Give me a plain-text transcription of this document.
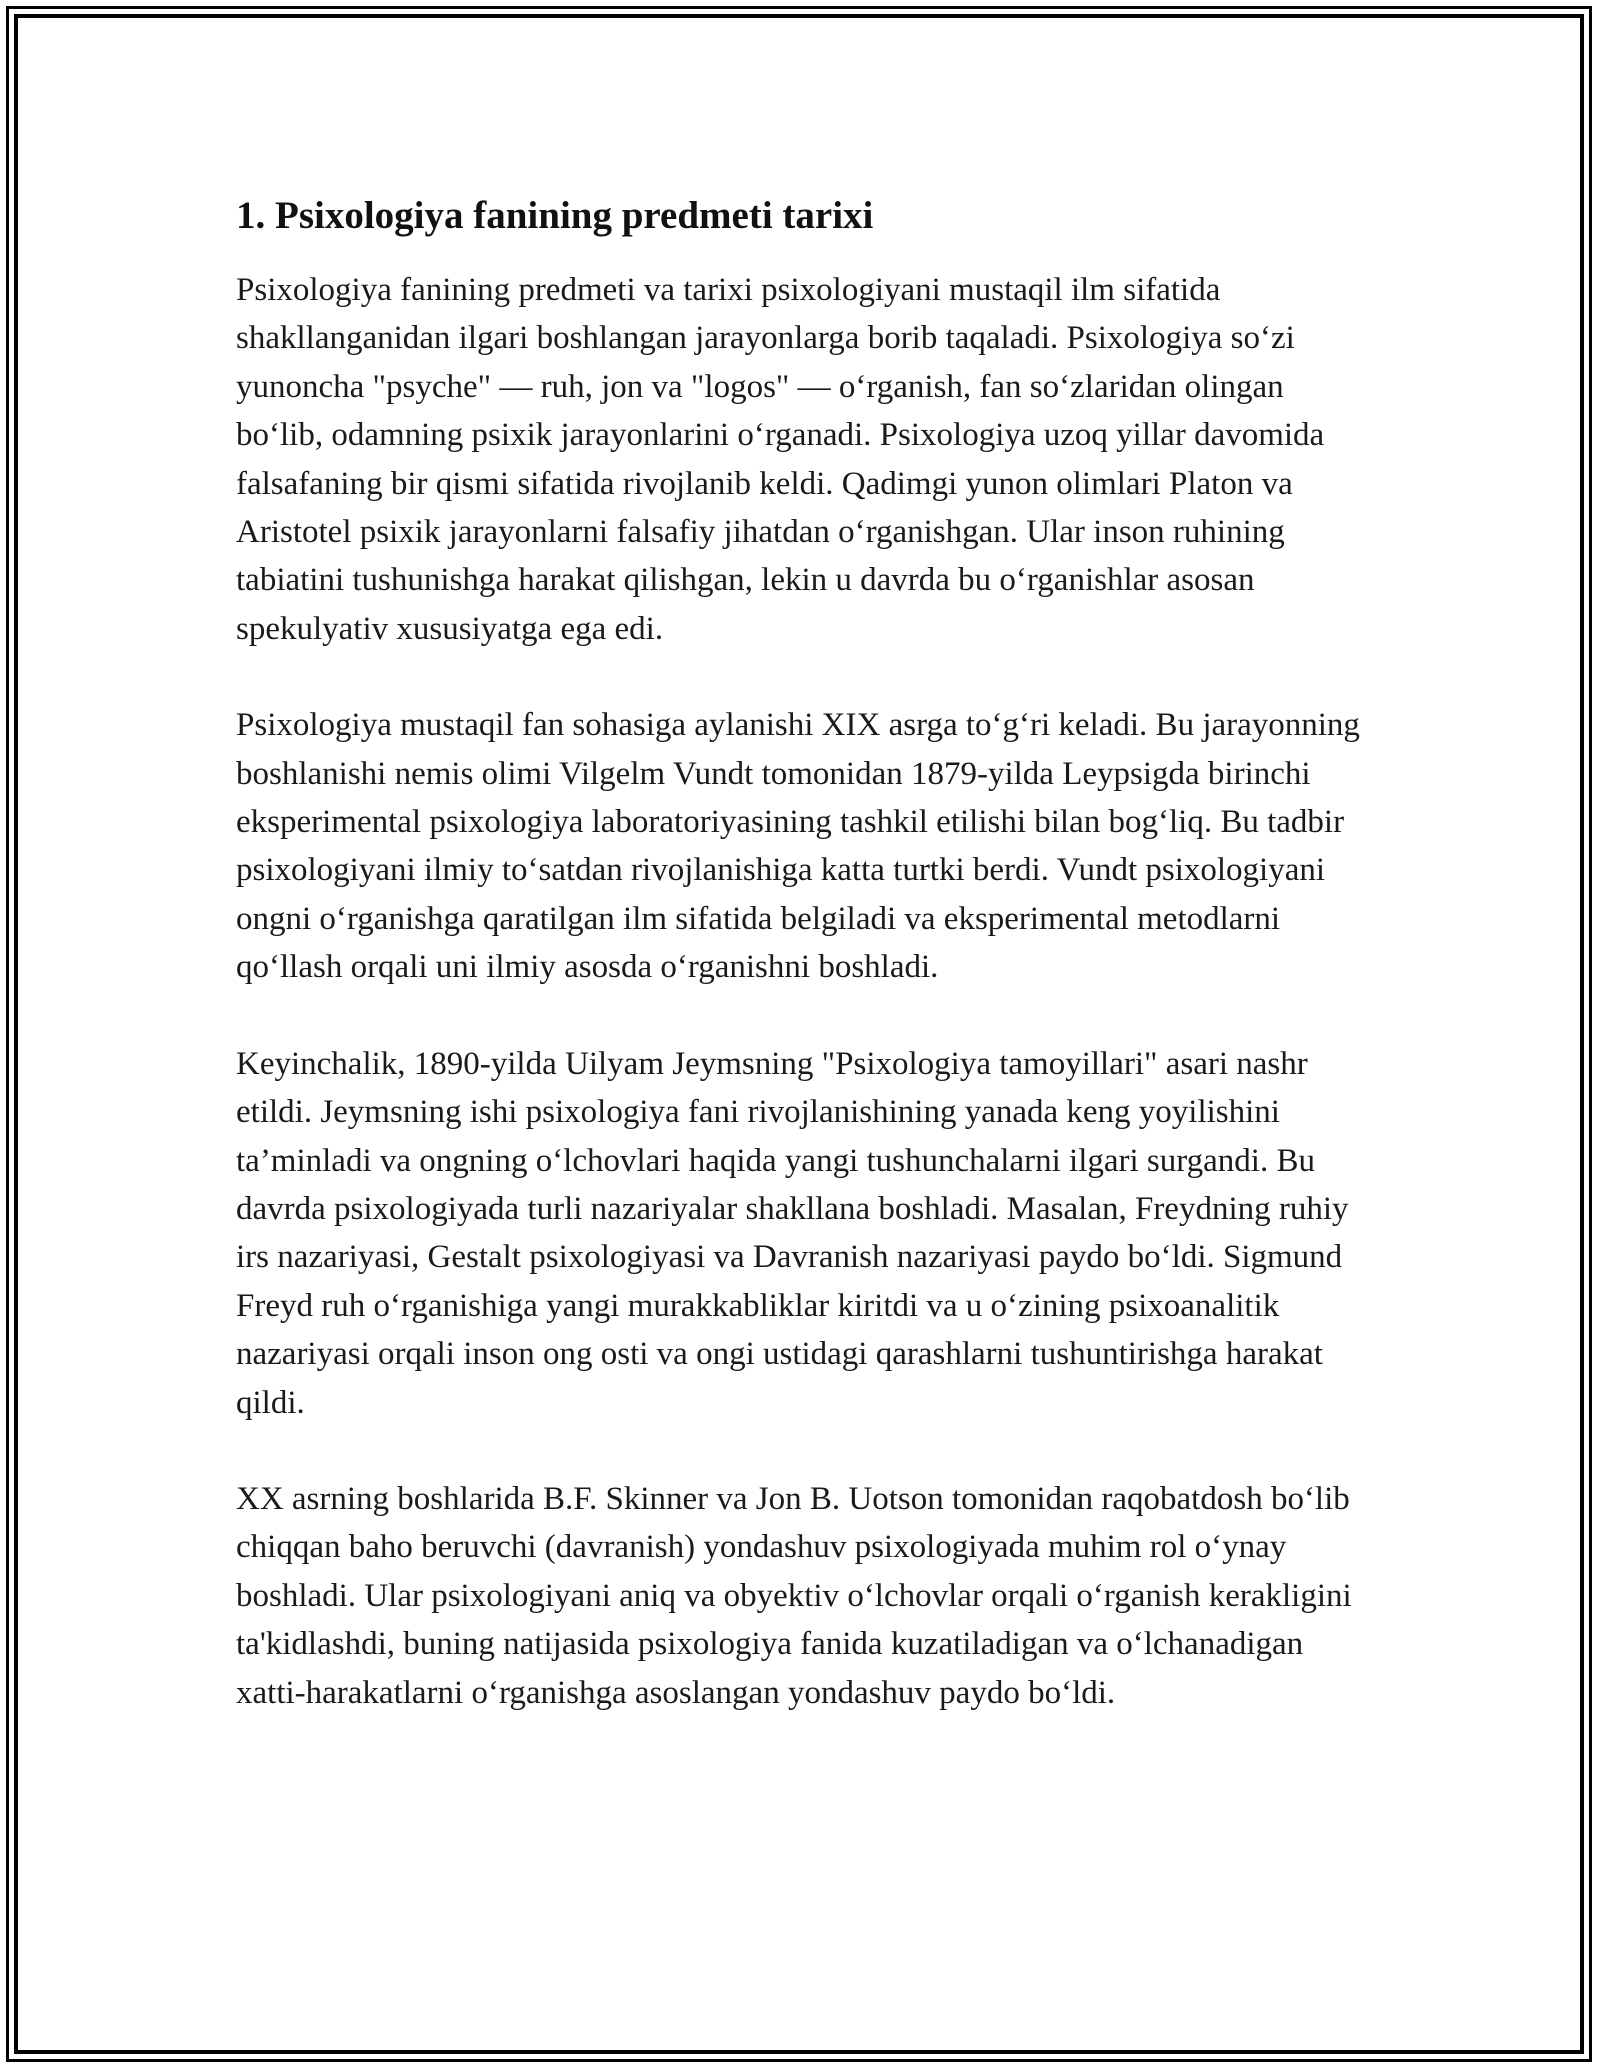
1. Psixologiya fanining predmeti tarixi

Psixologiya fanining predmeti va tarixi psixologiyani mustaqil ilm sifatida shakllanganidan ilgari boshlangan jarayonlarga borib taqaladi. Psixologiya so‘zi yunoncha "psyche" — ruh, jon va "logos" — o‘rganish, fan so‘zlaridan olingan bo‘lib, odamning psixik jarayonlarini o‘rganadi. Psixologiya uzoq yillar davomida falsafaning bir qismi sifatida rivojlanib keldi. Qadimgi yunon olimlari Platon va Aristotel psixik jarayonlarni falsafiy jihatdan o‘rganishgan. Ular inson ruhining tabiatini tushunishga harakat qilishgan, lekin u davrda bu o‘rganishlar asosan spekulyativ xususiyatga ega edi.

Psixologiya mustaqil fan sohasiga aylanishi XIX asrga to‘g‘ri keladi. Bu jarayonning boshlanishi nemis olimi Vilgelm Vundt tomonidan 1879-yilda Leypsigda birinchi eksperimental psixologiya laboratoriyasining tashkil etilishi bilan bog‘liq. Bu tadbir psixologiyani ilmiy to‘satdan rivojlanishiga katta turtki berdi. Vundt psixologiyani ongni o‘rganishga qaratilgan ilm sifatida belgiladi va eksperimental metodlarni qo‘llash orqali uni ilmiy asosda o‘rganishni boshladi.

Keyinchalik, 1890-yilda Uilyam Jeymsning "Psixologiya tamoyillari" asari nashr etildi. Jeymsning ishi psixologiya fani rivojlanishining yanada keng yoyilishini ta’minladi va ongning o‘lchovlari haqida yangi tushunchalarni ilgari surgandi. Bu davrda psixologiyada turli nazariyalar shakllana boshladi. Masalan, Freydning ruhiy irs nazariyasi, Gestalt psixologiyasi va Davranish nazariyasi paydo bo‘ldi. Sigmund Freyd ruh o‘rganishiga yangi murakkabliklar kiritdi va u o‘zining psixoanalitik nazariyasi orqali inson ong osti va ongi ustidagi qarashlarni tushuntirishga harakat qildi.

XX asrning boshlarida B.F. Skinner va Jon B. Uotson tomonidan raqobatdosh bo‘lib chiqqan baho beruvchi (davranish) yondashuv psixologiyada muhim rol o‘ynay boshladi. Ular psixologiyani aniq va obyektiv o‘lchovlar orqali o‘rganish kerakligini ta'kidlashdi, buning natijasida psixologiya fanida kuzatiladigan va o‘lchanadigan xatti-harakatlarni o‘rganishga asoslangan yondashuv paydo bo‘ldi.
